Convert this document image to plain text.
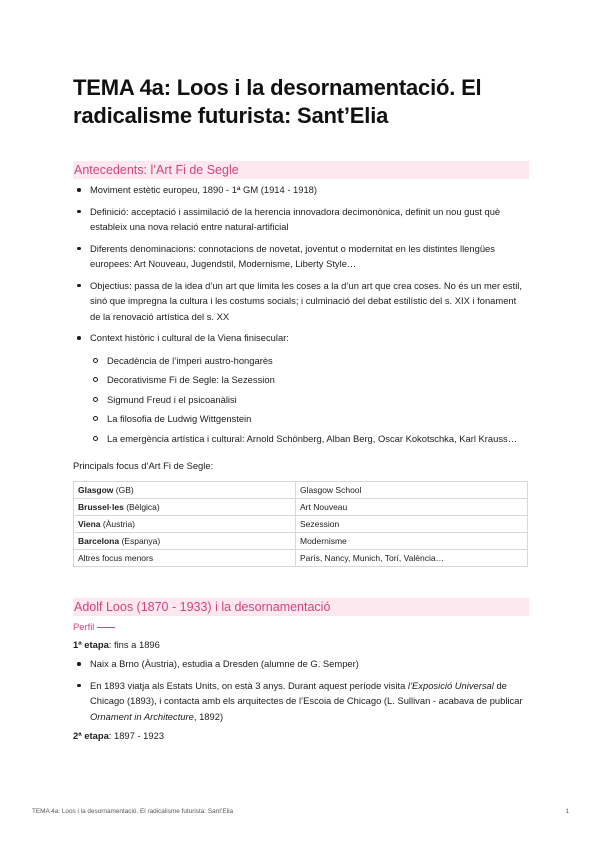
TEMA 4a: Loos i la desornamentació. El radicalisme futurista: Sant’Elia
Antecedents: l’Art Fi de Segle
Moviment estètic europeu, 1890 - 1ª GM (1914 - 1918)
Definició: acceptació i assimilació de la herencia innovadora decimonònica, definit un nou gust què estableix una nova relació entre natural-artificial
Diferents denominacions: connotacions de novetat, joventut o modernitat en les distintes llengües europees: Art Nouveau, Jugendstil, Modernisme, Liberty Style…
Objectius: passa de la idea d’un art que limita les coses a la d’un art que crea coses. No és un mer estil, sinó que impregna la cultura i les costums socials; i culminació del debat estilístic del s. XIX i fonament de la renovació artística del s. XX
Context històric i cultural de la Viena finisecular:
Decadència de l’imperi austro-hongarès
Decorativisme Fi de Segle: la Sezession
Sigmund Freud i el psicoanàlisi
La filosofia de Ludwig Wittgenstein
La emergència artística i cultural: Arnold Schönberg, Alban Berg, Oscar Kokotschka, Karl Krauss…

Principals focus d’Art Fi de Segle:

Glasgow (GB)	Glasgow School
Brussel·les (Bèlgica)	Art Nouveau
Viena (Àustria)	Sezession
Barcelona (Espanya)	Modernisme
Altres focus menors	París, Nancy, Munich, Torí, València…
Adolf Loos (1870 - 1933) i la desornamentació

Perfil

1ª etapa: fins a 1896

Naix a Brno (Àustria), estudia a Dresden (alumne de G. Semper)
En 1893 viatja als Estats Units, on està 3 anys. Durant aquest període visita l’Exposició Universal de Chicago (1893), i contacta amb els arquitectes de l’Escoia de Chicago (L. Sullivan - acabava de publicar Ornament in Architecture, 1892)

2ª etapa: 1897 - 1923

TEMA 4a: Loos i la desornamentació. El radicalisme futurista: Sant’Elia	1
